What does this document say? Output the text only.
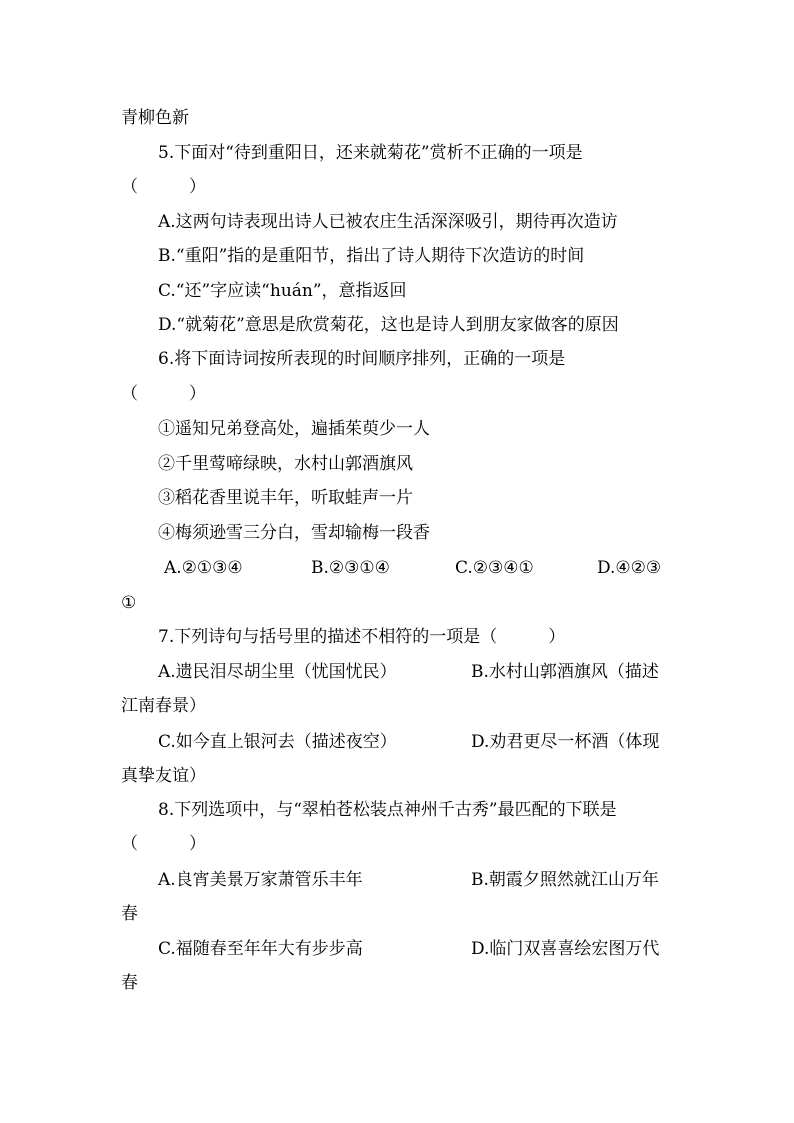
青柳色新
5.下面对“待到重阳日，还来就菊花”赏析不正确的一项是
（　　　）
A.这两句诗表现出诗人已被农庄生活深深吸引，期待再次造访
B.“重阳”指的是重阳节，指出了诗人期待下次造访的时间
C.“还”字应读“huán”，意指返回
D.“就菊花”意思是欣赏菊花，这也是诗人到朋友家做客的原因
6.将下面诗词按所表现的时间顺序排列，正确的一项是
（　　　）
①遥知兄弟登高处，遍插茱萸少一人
②千里莺啼绿映，水村山郭酒旗风
③稻花香里说丰年，听取蛙声一片
④梅须逊雪三分白，雪却输梅一段香
A.②①③④	B.②③①④	C.②③④①	D.④②③
①
7.下列诗句与括号里的描述不相符的一项是（　　　）
A.遗民泪尽胡尘里（忧国忧民）	B.水村山郭酒旗风（描述
江南春景）
C.如今直上银河去（描述夜空）	D.劝君更尽一杯酒（体现
真挚友谊）
8.下列选项中，与“翠柏苍松装点神州千古秀”最匹配的下联是
（　　　）
A.良宵美景万家萧管乐丰年	B.朝霞夕照然就江山万年
春
C.福随春至年年大有步步高	D.临门双喜喜绘宏图万代
春
